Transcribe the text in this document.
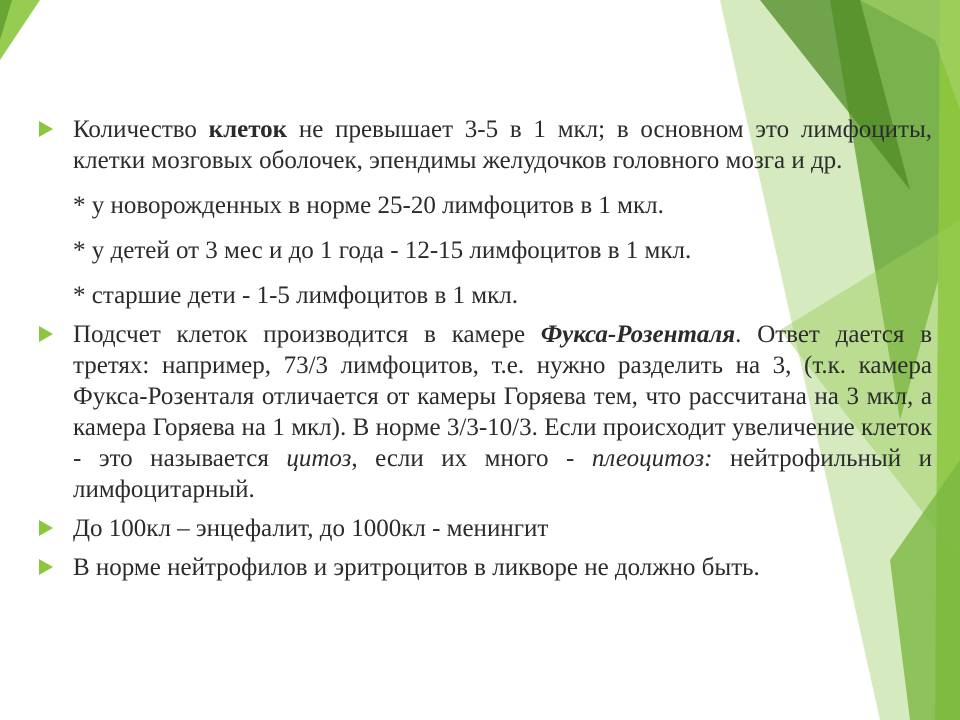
Количество клеток не превышает 3-5 в 1 мкл; в основном это лимфоциты, клетки мозговых оболочек, эпендимы желудочков головного мозга и др.
* у новорожденных в норме 25-20 лимфоцитов в 1 мкл.
* у детей от 3 мес и до 1 года - 12-15 лимфоцитов в 1 мкл.
* старшие дети - 1-5 лимфоцитов в 1 мкл.
Подсчет клеток производится в камере Фукса-Розенталя. Ответ дается в третях: например, 73/3 лимфоцитов, т.е. нужно разделить на 3, (т.к. камера Фукса-Розенталя отличается от камеры Горяева тем, что рассчитана на 3 мкл, а камера Горяева на 1 мкл). В норме 3/3-10/3. Если происходит увеличение клеток - это называется цитоз, если их много - плеоцитоз: нейтрофильный и лимфоцитарный.
До 100кл – энцефалит, до 1000кл - менингит
В норме нейтрофилов и эритроцитов в ликворе не должно быть.
